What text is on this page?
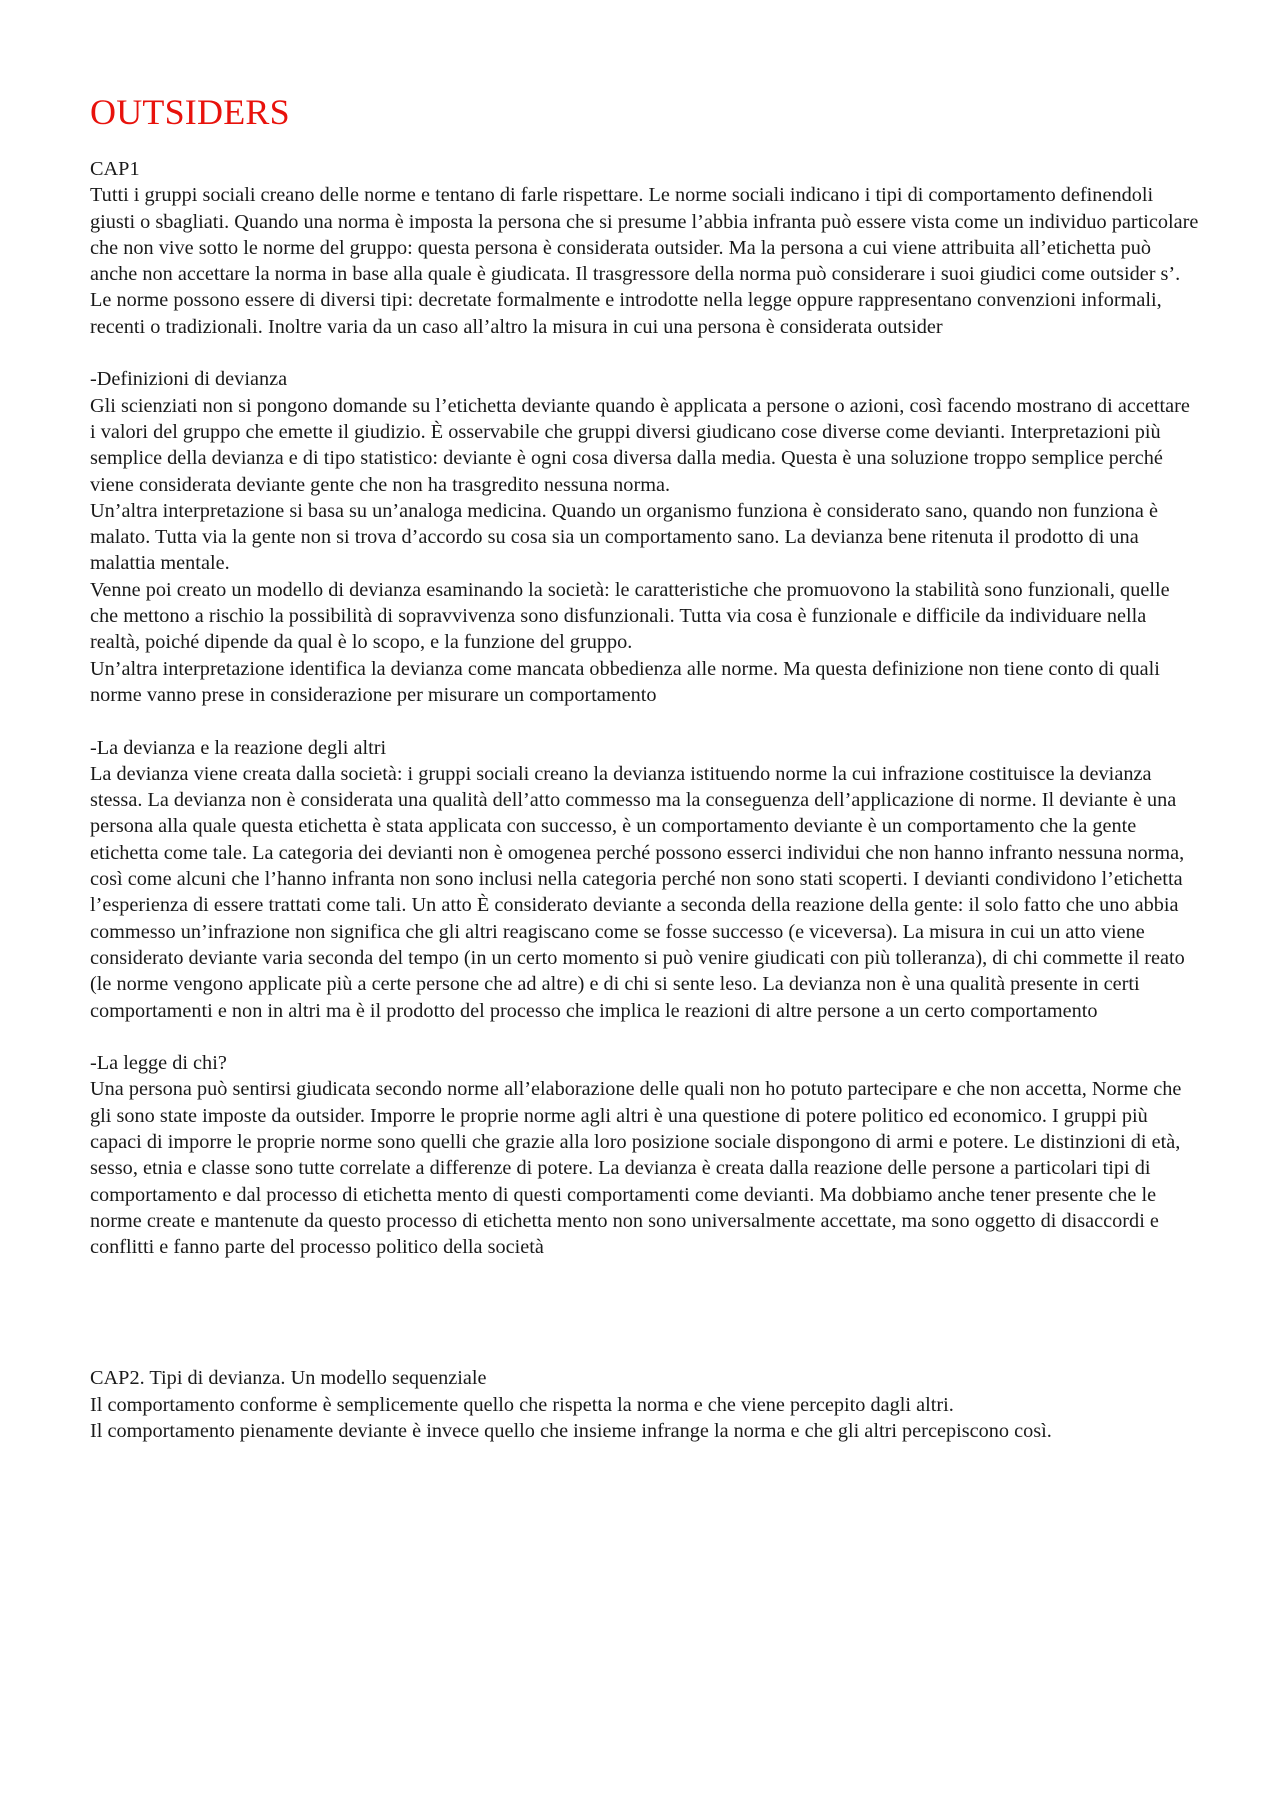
OUTSIDERS

CAP1

Tutti i gruppi sociali creano delle norme e tentano di farle rispettare. Le norme sociali indicano i tipi di comportamento definendoli giusti o sbagliati. Quando una norma è imposta la persona che si presume l’abbia infranta può essere vista come un individuo particolare che non vive sotto le norme del gruppo: questa persona è considerata outsider. Ma la persona a cui viene attribuita all’etichetta può anche non accettare la norma in base alla quale è giudicata. Il trasgressore della norma può considerare i suoi giudici come outsider s’. Le norme possono essere di diversi tipi: decretate formalmente e introdotte nella legge oppure rappresentano convenzioni informali, recenti o tradizionali. Inoltre varia da un caso all’altro la misura in cui una persona è considerata outsider

-Definizioni di devianza

Gli scienziati non si pongono domande su l’etichetta deviante quando è applicata a persone o azioni, così facendo mostrano di accettare i valori del gruppo che emette il giudizio. È osservabile che gruppi diversi giudicano cose diverse come devianti. Interpretazioni più semplice della devianza e di tipo statistico: deviante è ogni cosa diversa dalla media. Questa è una soluzione troppo semplice perché viene considerata deviante gente che non ha trasgredito nessuna norma.

Un’altra interpretazione si basa su un’analoga medicina. Quando un organismo funziona è considerato sano, quando non funziona è malato. Tutta via la gente non si trova d’accordo su cosa sia un comportamento sano. La devianza bene ritenuta il prodotto di una malattia mentale.

Venne poi creato un modello di devianza esaminando la società: le caratteristiche che promuovono la stabilità sono funzionali, quelle che mettono a rischio la possibilità di sopravvivenza sono disfunzionali. Tutta via cosa è funzionale e difficile da individuare nella realtà, poiché dipende da qual è lo scopo, e la funzione del gruppo.

Un’altra interpretazione identifica la devianza come mancata obbedienza alle norme. Ma questa definizione non tiene conto di quali norme vanno prese in considerazione per misurare un comportamento

-La devianza e la reazione degli altri

La devianza viene creata dalla società: i gruppi sociali creano la devianza istituendo norme la cui infrazione costituisce la devianza stessa. La devianza non è considerata una qualità dell’atto commesso ma la conseguenza dell’applicazione di norme. Il deviante è una persona alla quale questa etichetta è stata applicata con successo, è un comportamento deviante è un comportamento che la gente etichetta come tale. La categoria dei devianti non è omogenea perché possono esserci individui che non hanno infranto nessuna norma, così come alcuni che l’hanno infranta non sono inclusi nella categoria perché non sono stati scoperti. I devianti condividono l’etichetta l’esperienza di essere trattati come tali. Un atto È considerato deviante a seconda della reazione della gente: il solo fatto che uno abbia commesso un’infrazione non significa che gli altri reagiscano come se fosse successo (e viceversa). La misura in cui un atto viene considerato deviante varia seconda del tempo (in un certo momento si può venire giudicati con più tolleranza), di chi commette il reato (le norme vengono applicate più a certe persone che ad altre) e di chi si sente leso. La devianza non è una qualità presente in certi comportamenti e non in altri ma è il prodotto del processo che implica le reazioni di altre persone a un certo comportamento

-La legge di chi?

Una persona può sentirsi giudicata secondo norme all’elaborazione delle quali non ho potuto partecipare e che non accetta, Norme che gli sono state imposte da outsider. Imporre le proprie norme agli altri è una questione di potere politico ed economico. I gruppi più capaci di imporre le proprie norme sono quelli che grazie alla loro posizione sociale dispongono di armi e potere. Le distinzioni di età, sesso, etnia e classe sono tutte correlate a differenze di potere. La devianza è creata dalla reazione delle persone a particolari tipi di comportamento e dal processo di etichetta mento di questi comportamenti come devianti. Ma dobbiamo anche tener presente che le norme create e mantenute da questo processo di etichetta mento non sono universalmente accettate, ma sono oggetto di disaccordi e conflitti e fanno parte del processo politico della società

CAP2. Tipi di devianza. Un modello sequenziale

Il comportamento conforme è semplicemente quello che rispetta la norma e che viene percepito dagli altri.

Il comportamento pienamente deviante è invece quello che insieme infrange la norma e che gli altri percepiscono così.
